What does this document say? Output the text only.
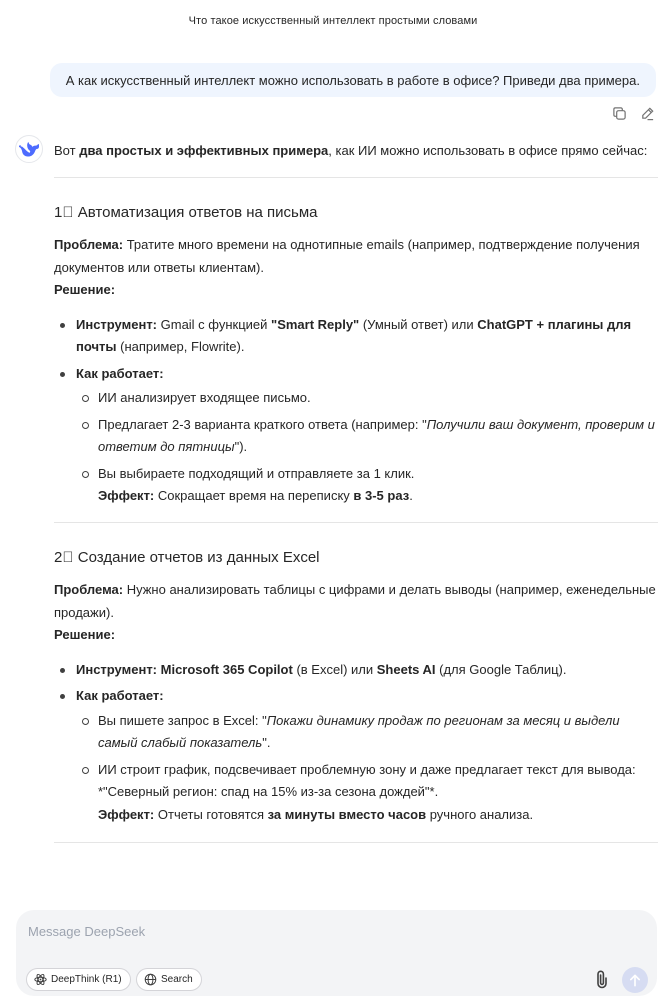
Что такое искусственный интеллект простыми словами
А как искусственный интеллект можно использовать в работе в офисе? Приведи два примера.

Вот два простых и эффективных примера, как ИИ можно использовать в офисе прямо сейчас:

1⃣ Автоматизация ответов на письма

Проблема: Тратите много времени на однотипные emails (например, подтверждение получения документов или ответы клиентам).

Решение:

Инструмент: Gmail с функцией "Smart Reply" (Умный ответ) или ChatGPT + плагины для почты (например, Flowrite).
Как работает:
ИИ анализирует входящее письмо.
Предлагает 2-3 варианта краткого ответа (например: "Получили ваш документ, проверим и ответим до пятницы").
Вы выбираете подходящий и отправляете за 1 клик.
Эффект: Сокращает время на переписку в 3-5 раз.
2⃣ Создание отчетов из данных Excel

Проблема: Нужно анализировать таблицы с цифрами и делать выводы (например, еженедельные продажи).

Решение:

Инструмент: Microsoft 365 Copilot (в Excel) или Sheets AI (для Google Таблиц).
Как работает:
Вы пишете запрос в Excel: "Покажи динамику продаж по регионам за месяц и выдели самый слабый показатель".
ИИ строит график, подсвечивает проблемную зону и даже предлагает текст для вывода: *"Северный регион: спад на 15% из-за сезона дождей"*.
Эффект: Отчеты готовятся за минуты вместо часов ручного анализа.
Message DeepSeek
DeepThink (R1)	Search
